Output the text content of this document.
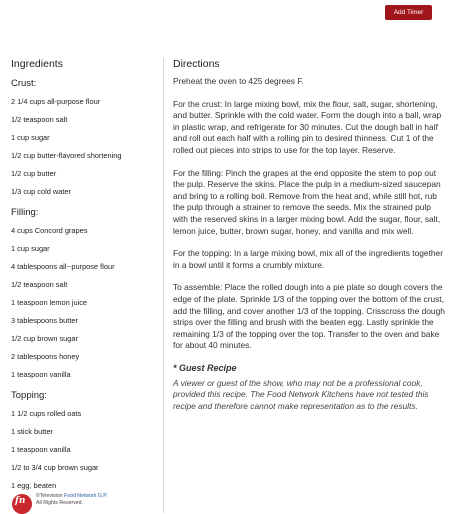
Add Timer
Ingredients

Crust:

2 1/4 cups all-purpose flour
1/2 teaspoon salt
1 cup sugar
1/2 cup butter-flavored shortening
1/2 cup butter
1/3 cup cold water

Filling:

4 cups Concord grapes
1 cup sugar
4 tablespoons all--purpose flour
1/2 teaspoon salt
1 teaspoon lemon juice
3 tablespoons butter
1/2 cup brown sugar
2 tablespoons honey
1 teaspoon vanilla

Topping:

1 1/2 cups rolled oats
1 stick butter
1 teaspoon vanilla
1/2 to 3/4 cup brown sugar
1 egg, beaten
Directions

Preheat the oven to 425 degrees F.

For the crust: In large mixing bowl, mix the flour, salt, sugar, shortening, and butter. Sprinkle with the cold water. Form the dough into a ball, wrap in plastic wrap, and refrigerate for 30 minutes. Cut the dough ball in half and roll out each half with a rolling pin to desired thinness. Cut 1 of the rolled out pieces into strips to use for the top layer. Reserve.

For the filling: Pinch the grapes at the end opposite the stem to pop out the pulp. Reserve the skins. Place the pulp in a medium-sized saucepan and bring to a rolling boil. Remove from the heat and, while still hot, rub the pulp through a strainer to remove the seeds. Mix the strained pulp with the reserved skins in a larger mixing bowl. Add the sugar, flour, salt, lemon juice, butter, brown sugar, honey, and vanilla and mix well.

For the topping: In a large mixing bowl, mix all of the ingredients together in a bowl until it forms a crumbly mixture.

To assemble: Place the rolled dough into a pie plate so dough covers the edge of the plate. Sprinkle 1/3 of the topping over the bottom of the crust, add the filling, and cover another 1/3 of the topping. Crisscross the dough strips over the filling and brush with the beaten egg. Lastly sprinkle the remaining 1/3 of the topping over the top. Transfer to the oven and bake for about 40 minutes.

* Guest Recipe

A viewer or guest of the show, who may not be a professional cook, provided this recipe. The Food Network Kitchens have not tested this recipe and therefore cannot make representation as to the results.

fn ©Television Food Network G.P.
All Rights Reserved.
